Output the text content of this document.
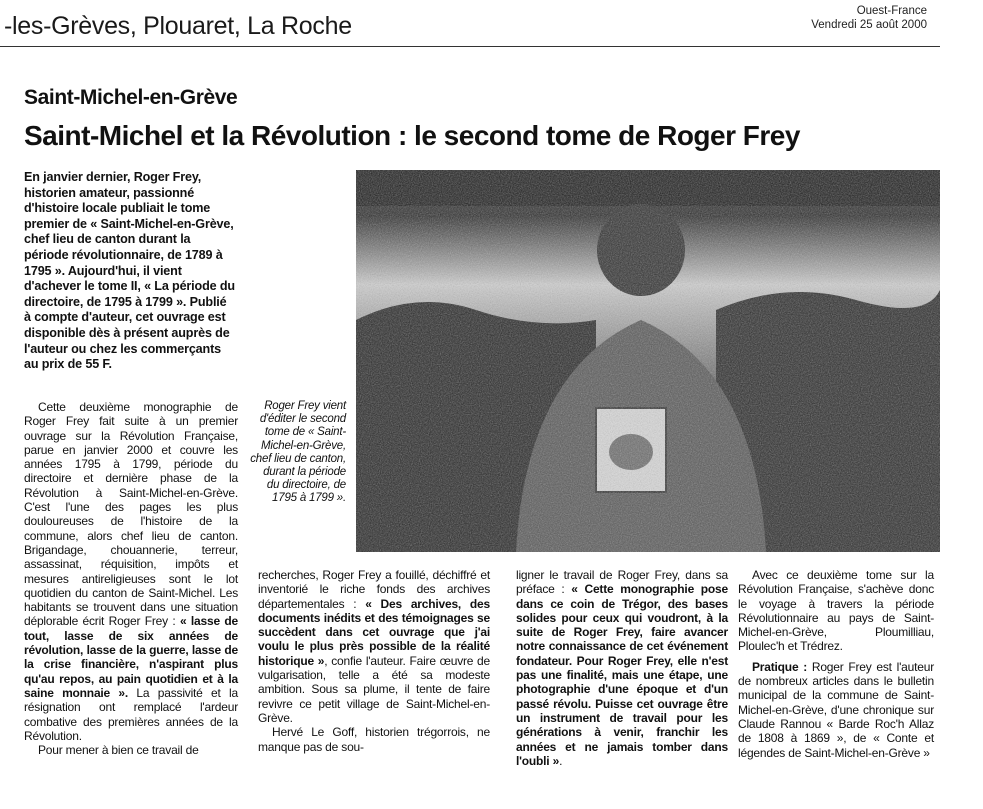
-les-Grèves, Plouaret, La Roche
Ouest-France
Vendredi 25 août 2000
Saint-Michel-en-Grève
Saint-Michel et la Révolution : le second tome de Roger Frey
En janvier dernier, Roger Frey, historien amateur, passionné d'histoire locale publiait le tome premier de « Saint-Michel-en-Grève, chef lieu de canton durant la période révolutionnaire, de 1789 à 1795 ». Aujourd'hui, il vient d'achever le tome II, « La période du directoire, de 1795 à 1799 ». Publié à compte d'auteur, cet ouvrage est disponible dès à présent auprès de l'auteur ou chez les commerçants au prix de 55 F.
Roger Frey vient d'éditer le second tome de « Saint-Michel-en-Grève, chef lieu de canton, durant la période du directoire, de 1795 à 1799 ».

Cette deuxième monographie de Roger Frey fait suite à un premier ouvrage sur la Révolution Française, parue en janvier 2000 et couvre les années 1795 à 1799, période du directoire et dernière phase de la Révolution à Saint-Michel-en-Grève. C'est l'une des pages les plus douloureuses de l'histoire de la commune, alors chef lieu de canton. Brigandage, chouannerie, terreur, assassinat, réquisition, impôts et mesures antireligieuses sont le lot quotidien du canton de Saint-Michel. Les habitants se trouvent dans une situation déplorable écrit Roger Frey : « lasse de tout, lasse de six années de révolution, lasse de la guerre, lasse de la crise financière, n'aspirant plus qu'au repos, au pain quotidien et à la saine monnaie ». La passivité et la résignation ont remplacé l'ardeur combative des premières années de la Révolution.

Pour mener à bien ce travail de

recherches, Roger Frey a fouillé, déchiffré et inventorié le riche fonds des archives départementales : « Des archives, des documents inédits et des témoignages se succèdent dans cet ouvrage que j'ai voulu le plus près possible de la réalité historique », confie l'auteur. Faire œuvre de vulgarisation, telle a été sa modeste ambition. Sous sa plume, il tente de faire revivre ce petit village de Saint-Michel-en-Grève.

Hervé Le Goff, historien trégorrois, ne manque pas de sou-

ligner le travail de Roger Frey, dans sa préface : « Cette monographie pose dans ce coin de Trégor, des bases solides pour ceux qui voudront, à la suite de Roger Frey, faire avancer notre connaissance de cet événement fondateur. Pour Roger Frey, elle n'est pas une finalité, mais une étape, une photographie d'une époque et d'un passé révolu. Puisse cet ouvrage être un instrument de travail pour les générations à venir, franchir les années et ne jamais tomber dans l'oubli ».

Avec ce deuxième tome sur la Révolution Française, s'achève donc le voyage à travers la période Révolutionnaire au pays de Saint-Michel-en-Grève, Ploumilliau, Ploulec'h et Trédrez.

Pratique : Roger Frey est l'auteur de nombreux articles dans le bulletin municipal de la commune de Saint-Michel-en-Grève, d'une chronique sur Claude Rannou « Barde Roc'h Allaz de 1808 à 1869 », de « Conte et légendes de Saint-Michel-en-Grève »
